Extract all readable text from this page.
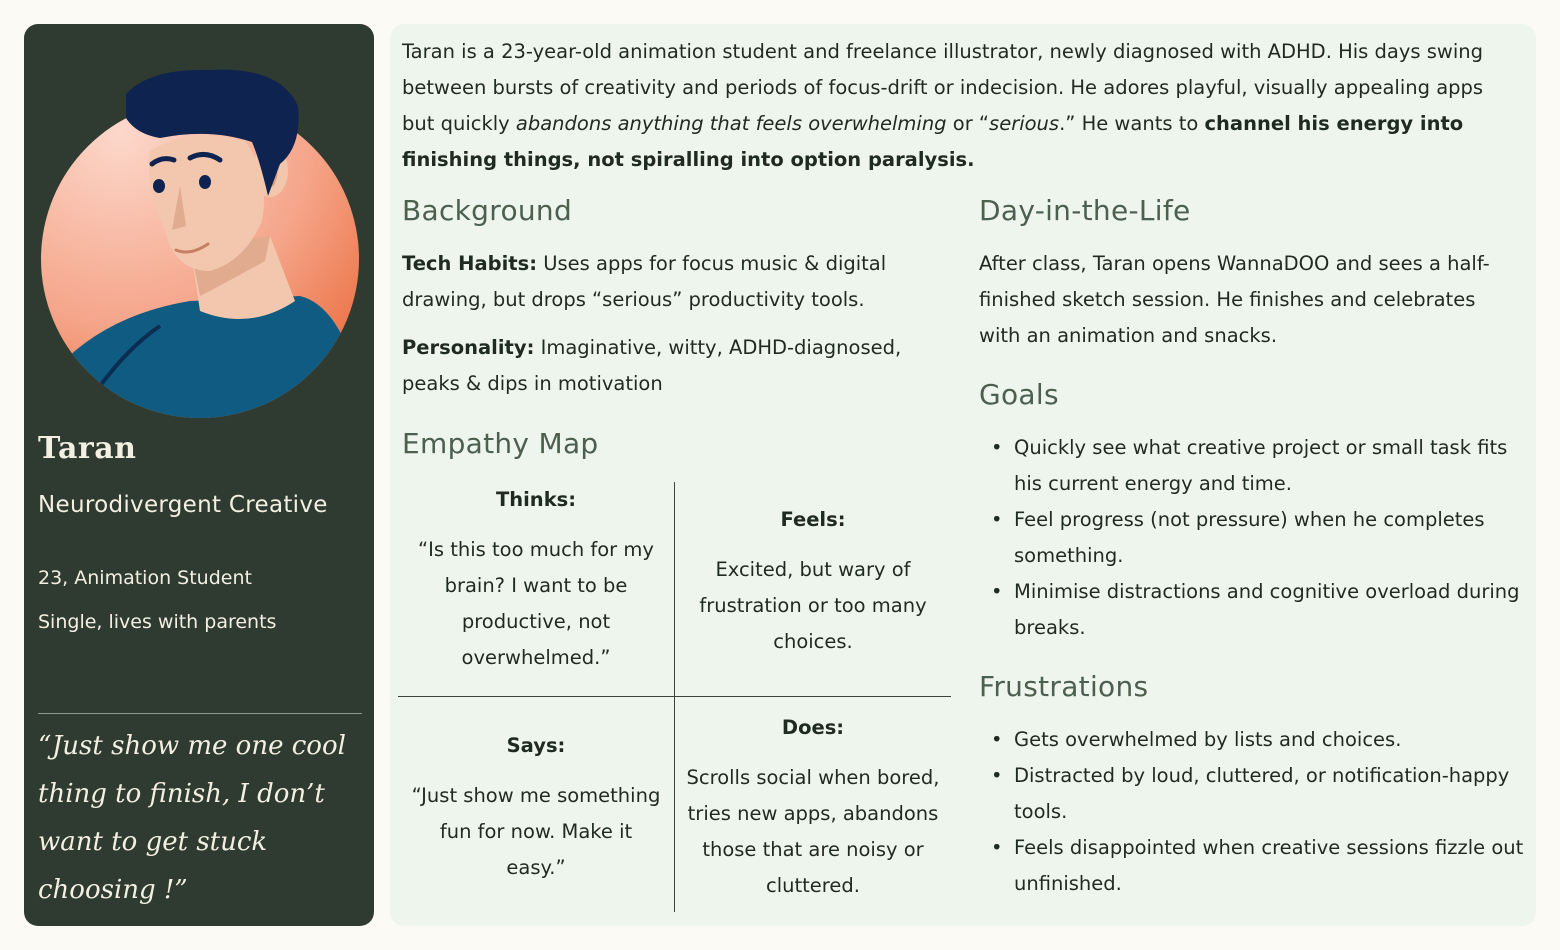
Taran
Neurodivergent Creative
23, Animation Student
Single, lives with parents
“Just show me one cool thing to finish, I don’t want to get stuck choosing !”
Taran is a 23-year-old animation student and freelance illustrator, newly diagnosed with ADHD. His days swing between bursts of creativity and periods of focus-drift or indecision. He adores playful, visually appealing apps but quickly abandons anything that feels overwhelming or “serious.” He wants to channel his energy into finishing things, not spiralling into option paralysis.
Background
Tech Habits: Uses apps for focus music & digital drawing, but drops “serious” productivity tools.
Personality: Imaginative, witty, ADHD-diagnosed, peaks & dips in motivation
Empathy Map
Thinks:
“Is this too much for my brain? I want to be productive, not overwhelmed.”
Feels:
Excited, but wary of frustration or too many choices.
Says:
“Just show me something fun for now. Make it easy.”
Does:
Scrolls social when bored, tries new apps, abandons those that are noisy or cluttered.
Day-in-the-Life
After class, Taran opens WannaDOO and sees a half-finished sketch session. He finishes and celebrates with an animation and snacks.
Goals
• Quickly see what creative project or small task fits his current energy and time.
• Feel progress (not pressure) when he completes something.
• Minimise distractions and cognitive overload during breaks.
Frustrations
• Gets overwhelmed by lists and choices.
• Distracted by loud, cluttered, or notification-happy tools.
• Feels disappointed when creative sessions fizzle out unfinished.
